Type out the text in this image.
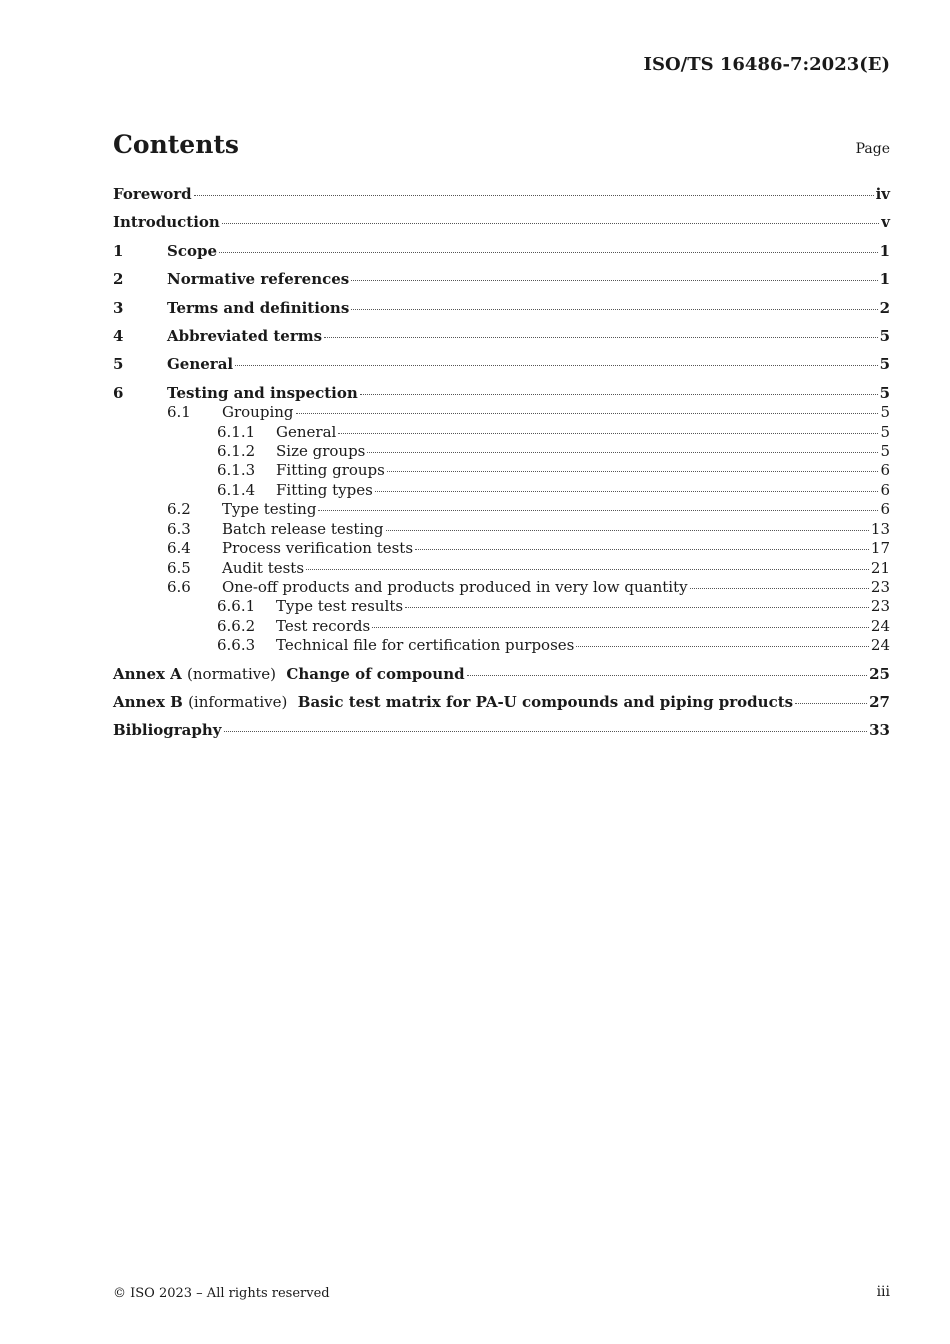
ISO/TS 16486-7:2023(E)
Contents	Page
Foreword	iv
Introduction	v
1	Scope	1
2	Normative references	1
3	Terms and definitions	2
4	Abbreviated terms	5
5	General	5
6	Testing and inspection	5
6.1	Grouping	5
6.1.1	General	5
6.1.2	Size groups	5
6.1.3	Fitting groups	6
6.1.4	Fitting types	6
6.2	Type testing	6
6.3	Batch release testing	13
6.4	Process verification tests	17
6.5	Audit tests	21
6.6	One-off products and products produced in very low quantity	23
6.6.1	Type test results	23
6.6.2	Test records	24
6.6.3	Technical file for certification purposes	24
Annex A (normative) Change of compound	25
Annex B (informative) Basic test matrix for PA-U compounds and piping products	27
Bibliography	33
© ISO 2023 – All rights reserved	iii
